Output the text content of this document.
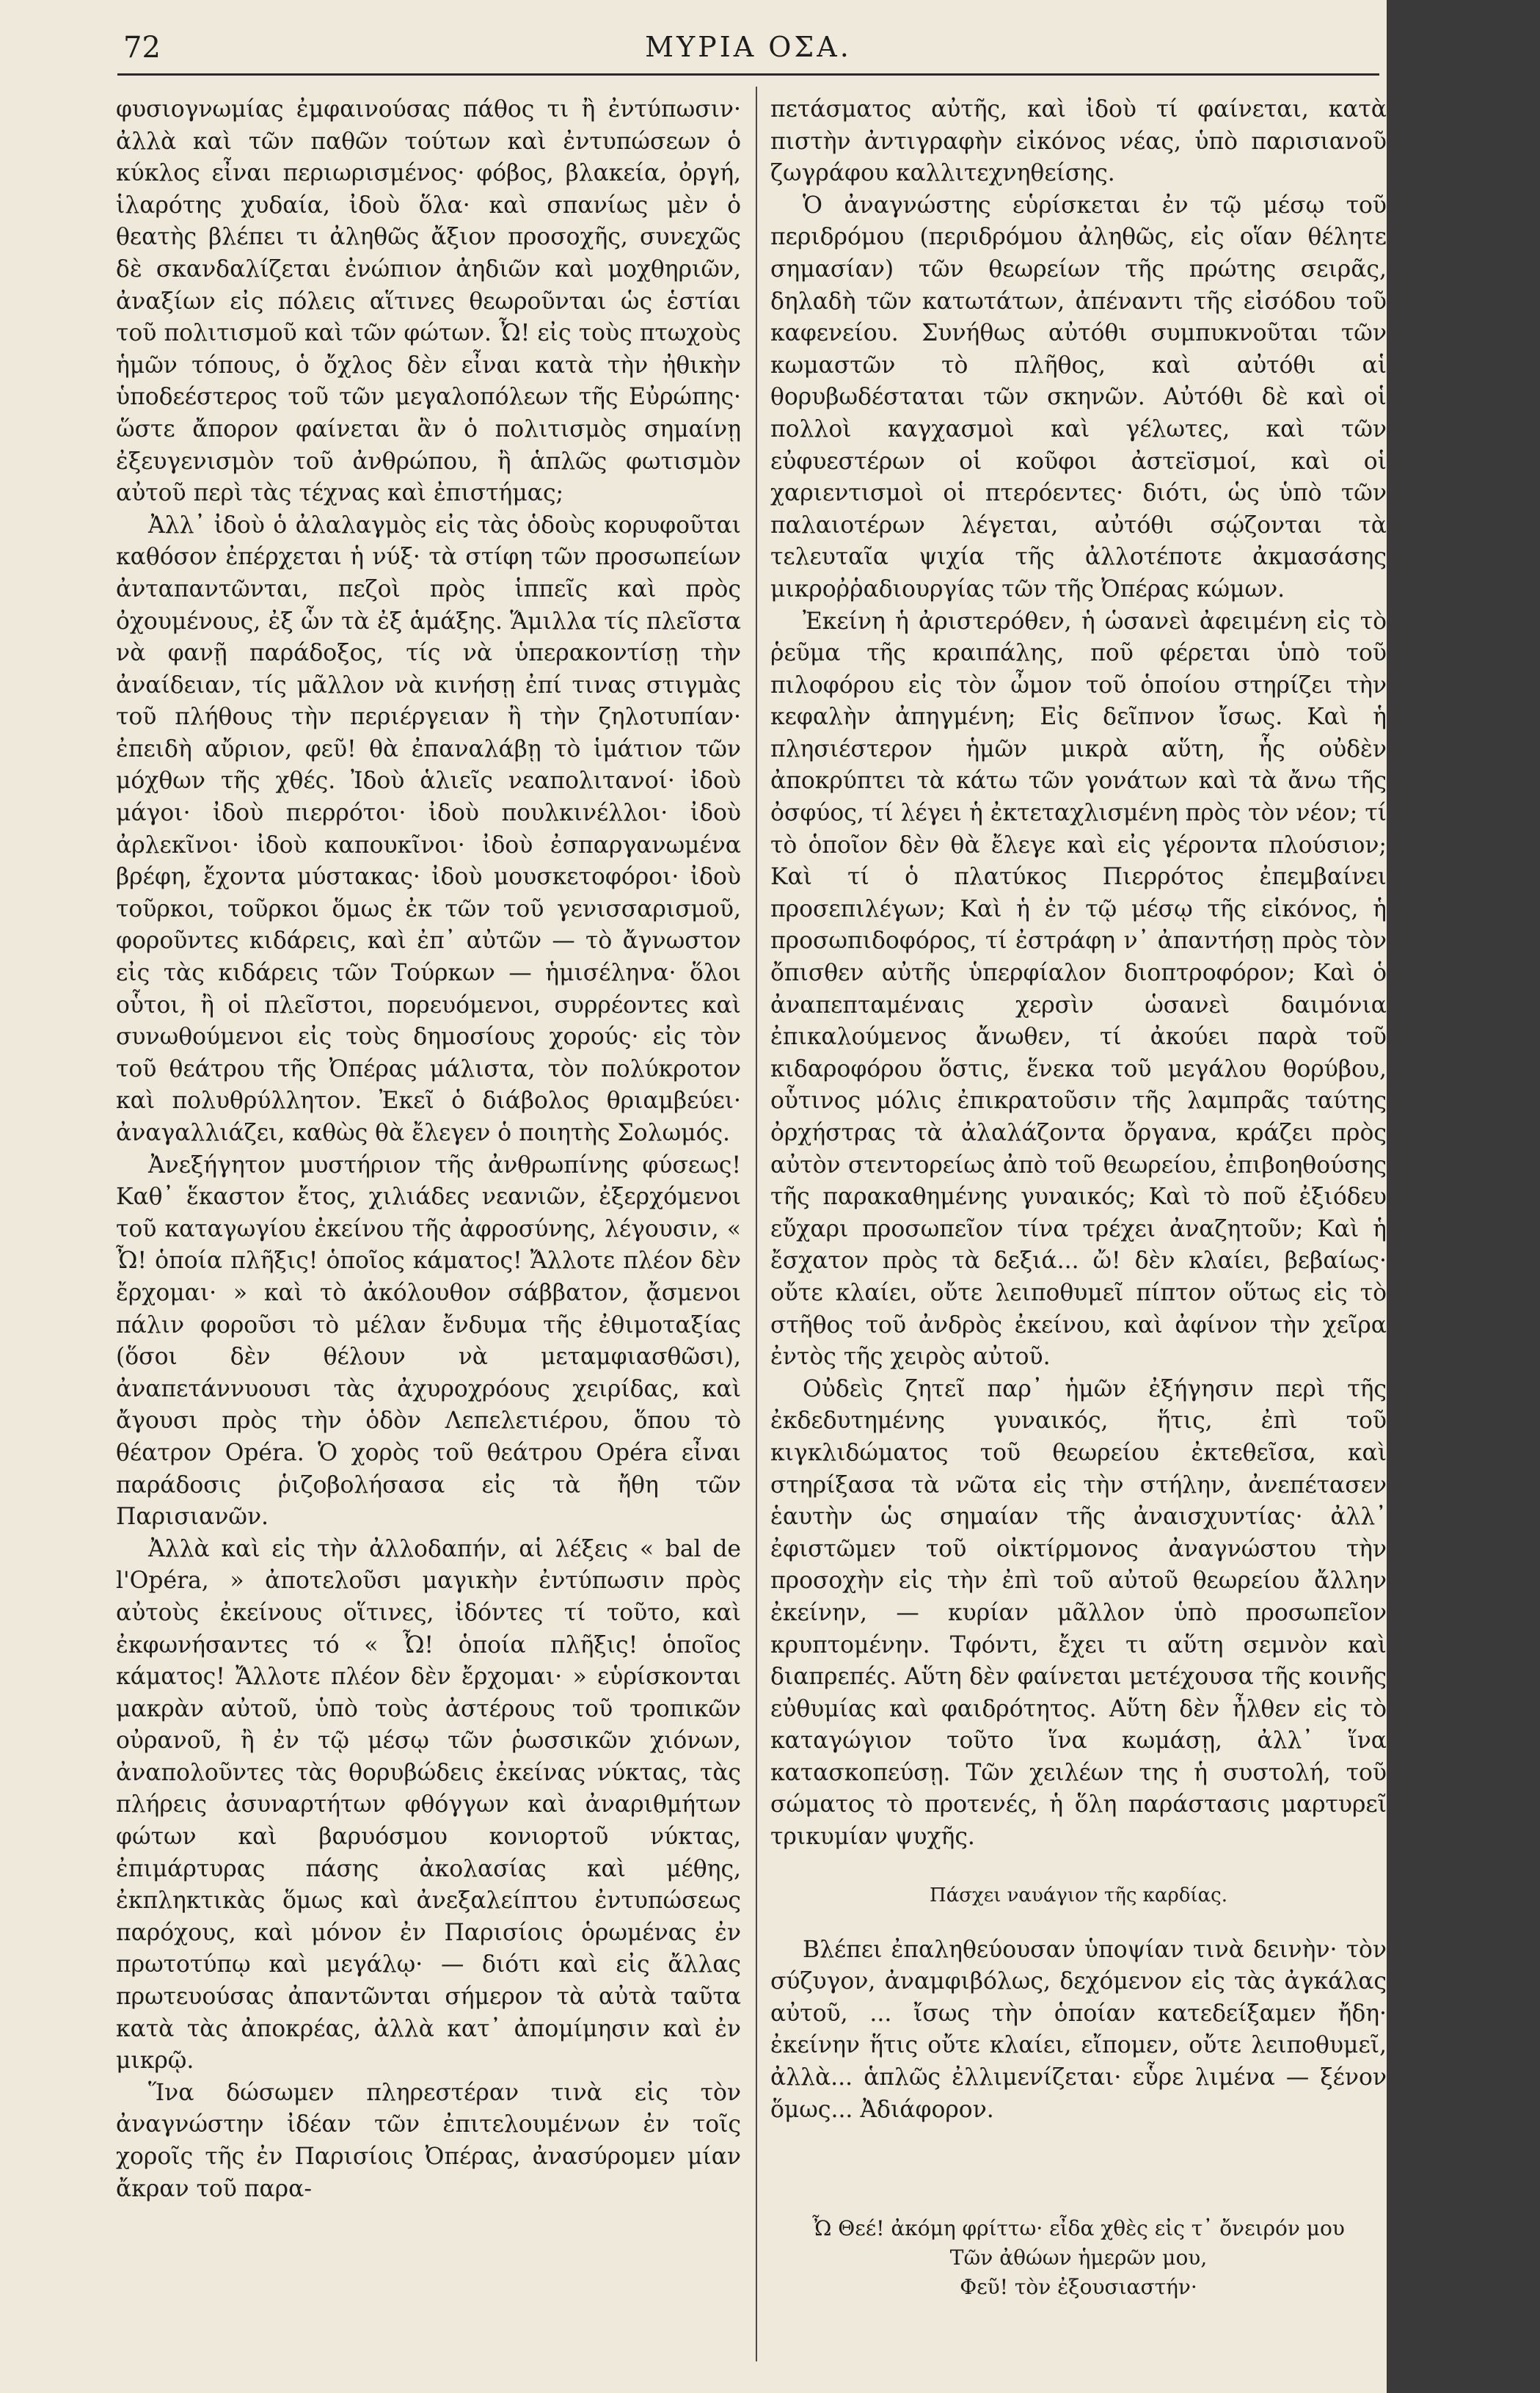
72	ΜΥΡΙΑ ΟΣΑ.

φυσιογνωμίας ἐμφαινούσας πάθος τι ἢ ἐντύπωσιν· ἀλλὰ καὶ τῶν παθῶν τούτων καὶ ἐντυπώσεων ὁ κύκλος εἶναι περιωρισμένος· φόβος, βλακεία, ὀργή, ἱλαρότης χυδαία, ἰδοὺ ὅλα· καὶ σπανίως μὲν ὁ θεατὴς βλέπει τι ἀληθῶς ἄξιον προσοχῆς, συνεχῶς δὲ σκανδαλίζεται ἐνώπιον ἀηδιῶν καὶ μοχθηριῶν, ἀναξίων εἰς πόλεις αἵτινες θεωροῦνται ὡς ἑστίαι τοῦ πολιτισμοῦ καὶ τῶν φώτων. Ὦ! εἰς τοὺς πτωχοὺς ἡμῶν τόπους, ὁ ὄχλος δὲν εἶναι κατὰ τὴν ἠθικὴν ὑποδεέστερος τοῦ τῶν μεγαλοπόλεων τῆς Εὐρώπης· ὥστε ἄπορον φαίνεται ἂν ὁ πολιτισμὸς σημαίνῃ ἐξευγενισμὸν τοῦ ἀνθρώπου, ἢ ἁπλῶς φωτισμὸν αὐτοῦ περὶ τὰς τέχνας καὶ ἐπιστήμας;

Ἀλλ᾽ ἰδοὺ ὁ ἀλαλαγμὸς εἰς τὰς ὁδοὺς κορυφοῦται καθόσον ἐπέρχεται ἡ νύξ· τὰ στίφη τῶν προσωπείων ἀνταπαντῶνται, πεζοὶ πρὸς ἱππεῖς καὶ πρὸς ὀχουμένους, ἐξ ὧν τὰ ἐξ ἁμάξης. Ἅμιλλα τίς πλεῖστα νὰ φανῇ παράδοξος, τίς νὰ ὑπερακοντίσῃ τὴν ἀναίδειαν, τίς μᾶλλον νὰ κινήσῃ ἐπί τινας στιγμὰς τοῦ πλήθους τὴν περιέργειαν ἢ τὴν ζηλοτυπίαν· ἐπειδὴ αὔριον, φεῦ! θὰ ἐπαναλάβῃ τὸ ἱμάτιον τῶν μόχθων τῆς χθές. Ἰδοὺ ἁλιεῖς νεαπολιτανοί· ἰδοὺ μάγοι· ἰδοὺ πιερρότοι· ἰδοὺ πουλκινέλλοι· ἰδοὺ ἀρλεκῖνοι· ἰδοὺ καπουκῖνοι· ἰδοὺ ἐσπαργανωμένα βρέφη, ἔχοντα μύστακας· ἰδοὺ μουσκετοφόροι· ἰδοὺ τοῦρκοι, τοῦρκοι ὅμως ἐκ τῶν τοῦ γενισσαρισμοῦ, φοροῦντες κιδάρεις, καὶ ἐπ᾽ αὐτῶν — τὸ ἄγνωστον εἰς τὰς κιδάρεις τῶν Τούρκων — ἡμισέληνα· ὅλοι οὗτοι, ἢ οἱ πλεῖστοι, πορευόμενοι, συρρέοντες καὶ συνωθούμενοι εἰς τοὺς δημοσίους χορούς· εἰς τὸν τοῦ θεάτρου τῆς Ὀπέρας μάλιστα, τὸν πολύκροτον καὶ πολυθρύλλητον. Ἐκεῖ ὁ διάβολος θριαμβεύει· ἀναγαλλιάζει, καθὼς θὰ ἔλεγεν ὁ ποιητὴς Σολωμός.

Ἀνεξήγητον μυστήριον τῆς ἀνθρωπίνης φύσεως! Καθ᾽ ἕκαστον ἔτος, χιλιάδες νεανιῶν, ἐξερχόμενοι τοῦ καταγωγίου ἐκείνου τῆς ἀφροσύνης, λέγουσιν, « Ὦ! ὁποία πλῆξις! ὁποῖος κάματος! Ἄλλοτε πλέον δὲν ἔρχομαι· » καὶ τὸ ἀκόλουθον σάββατον, ᾄσμενοι πάλιν φοροῦσι τὸ μέλαν ἔνδυμα τῆς ἐθιμοταξίας (ὅσοι δὲν θέλουν νὰ μεταμφιασθῶσι), ἀναπετάννυουσι τὰς ἀχυροχρόους χειρίδας, καὶ ἄγουσι πρὸς τὴν ὁδὸν Λεπελετιέρου, ὅπου τὸ θέατρον Opéra. Ὁ χορὸς τοῦ θεάτρου Opéra εἶναι παράδοσις ῥιζοβολήσασα εἰς τὰ ἤθη τῶν Παρισιανῶν.

Ἀλλὰ καὶ εἰς τὴν ἀλλοδαπήν, αἱ λέξεις « bal de l'Opéra, » ἀποτελοῦσι μαγικὴν ἐντύπωσιν πρὸς αὐτοὺς ἐκείνους οἵτινες, ἰδόντες τί τοῦτο, καὶ ἐκφωνήσαντες τό « Ὦ! ὁποία πλῆξις! ὁποῖος κάματος! Ἄλλοτε πλέον δὲν ἔρχομαι· » εὑρίσκονται μακρὰν αὐτοῦ, ὑπὸ τοὺς ἀστέρους τοῦ τροπικῶν οὐρανοῦ, ἢ ἐν τῷ μέσῳ τῶν ῥωσσικῶν χιόνων, ἀναπολοῦντες τὰς θορυβώδεις ἐκείνας νύκτας, τὰς πλήρεις ἀσυναρτήτων φθόγγων καὶ ἀναριθμήτων φώτων καὶ βαρυόσμου κονιορτοῦ νύκτας, ἐπιμάρτυρας πάσης ἀκολασίας καὶ μέθης, ἐκπληκτικὰς ὅμως καὶ ἀνεξαλείπτου ἐντυπώσεως παρόχους, καὶ μόνον ἐν Παρισίοις ὁρωμένας ἐν πρωτοτύπῳ καὶ μεγάλῳ· — διότι καὶ εἰς ἄλλας πρωτευούσας ἀπαντῶνται σήμερον τὰ αὐτὰ ταῦτα κατὰ τὰς ἀποκρέας, ἀλλὰ κατ᾽ ἀπομίμησιν καὶ ἐν μικρῷ.

Ἵνα δώσωμεν πληρεστέραν τινὰ εἰς τὸν ἀναγνώστην ἰδέαν τῶν ἐπιτελουμένων ἐν τοῖς χοροῖς τῆς ἐν Παρισίοις Ὀπέρας, ἀνασύρομεν μίαν ἄκραν τοῦ παρα-

πετάσματος αὐτῆς, καὶ ἰδοὺ τί φαίνεται, κατὰ πιστὴν ἀντιγραφὴν εἰκόνος νέας, ὑπὸ παρισιανοῦ ζωγράφου καλλιτεχνηθείσης.

Ὁ ἀναγνώστης εὑρίσκεται ἐν τῷ μέσῳ τοῦ περιδρόμου (περιδρόμου ἀληθῶς, εἰς οἵαν θέλητε σημασίαν) τῶν θεωρείων τῆς πρώτης σειρᾶς, δηλαδὴ τῶν κατωτάτων, ἀπέναντι τῆς εἰσόδου τοῦ καφενείου. Συνήθως αὐτόθι συμπυκνοῦται τῶν κωμαστῶν τὸ πλῆθος, καὶ αὐτόθι αἱ θορυβωδέσταται τῶν σκηνῶν. Αὐτόθι δὲ καὶ οἱ πολλοὶ καγχασμοὶ καὶ γέλωτες, καὶ τῶν εὐφυεστέρων οἱ κοῦφοι ἀστεϊσμοί, καὶ οἱ χαριεντισμοὶ οἱ πτερόεντες· διότι, ὡς ὑπὸ τῶν παλαιοτέρων λέγεται, αὐτόθι σῴζονται τὰ τελευταῖα ψιχία τῆς ἀλλοτέποτε ἀκμασάσης μικροῤῥαδιουργίας τῶν τῆς Ὀπέρας κώμων.

Ἐκείνη ἡ ἀριστερόθεν, ἡ ὡσανεὶ ἀφειμένη εἰς τὸ ῥεῦμα τῆς κραιπάλης, ποῦ φέρεται ὑπὸ τοῦ πιλοφόρου εἰς τὸν ὦμον τοῦ ὁποίου στηρίζει τὴν κεφαλὴν ἀπηγμένη; Εἰς δεῖπνον ἴσως. Καὶ ἡ πλησιέστερον ἡμῶν μικρὰ αὕτη, ἧς οὐδὲν ἀποκρύπτει τὰ κάτω τῶν γονάτων καὶ τὰ ἄνω τῆς ὀσφύος, τί λέγει ἡ ἐκτεταχλισμένη πρὸς τὸν νέον; τί τὸ ὁποῖον δὲν θὰ ἔλεγε καὶ εἰς γέροντα πλούσιον; Καὶ τί ὁ πλατύκος Πιερρότος ἐπεμβαίνει προσεπιλέγων; Καὶ ἡ ἐν τῷ μέσῳ τῆς εἰκόνος, ἡ προσωπιδοφόρος, τί ἐστράφη ν᾽ ἀπαντήσῃ πρὸς τὸν ὄπισθεν αὐτῆς ὑπερφίαλον διοπτροφόρον; Καὶ ὁ ἀναπεπταμέναις χερσὶν ὡσανεὶ δαιμόνια ἐπικαλούμενος ἄνωθεν, τί ἀκούει παρὰ τοῦ κιδαροφόρου ὅστις, ἕνεκα τοῦ μεγάλου θορύβου, οὗτινος μόλις ἐπικρατοῦσιν τῆς λαμπρᾶς ταύτης ὀρχήστρας τὰ ἀλαλάζοντα ὄργανα, κράζει πρὸς αὐτὸν στεντορείως ἀπὸ τοῦ θεωρείου, ἐπιβοηθούσης τῆς παρακαθημένης γυναικός; Καὶ τὸ ποῦ ἐξιόδευ εὔχαρι προσωπεῖον τίνα τρέχει ἀναζητοῦν; Καὶ ἡ ἔσχατον πρὸς τὰ δεξιά... ὤ! δὲν κλαίει, βεβαίως· οὔτε κλαίει, οὔτε λειποθυμεῖ πίπτον οὕτως εἰς τὸ στῆθος τοῦ ἀνδρὸς ἐκείνου, καὶ ἀφίνον τὴν χεῖρα ἐντὸς τῆς χειρὸς αὐτοῦ.

Οὐδεὶς ζητεῖ παρ᾽ ἡμῶν ἐξήγησιν περὶ τῆς ἐκδεδυτημένης γυναικός, ἥτις, ἐπὶ τοῦ κιγκλιδώματος τοῦ θεωρείου ἐκτεθεῖσα, καὶ στηρίξασα τὰ νῶτα εἰς τὴν στήλην, ἀνεπέτασεν ἑαυτὴν ὡς σημαίαν τῆς ἀναισχυντίας· ἀλλ᾽ ἐφιστῶμεν τοῦ οἰκτίρμονος ἀναγνώστου τὴν προσοχὴν εἰς τὴν ἐπὶ τοῦ αὐτοῦ θεωρείου ἄλλην ἐκείνην, — κυρίαν μᾶλλον ὑπὸ προσωπεῖον κρυπτομένην. Τφόντι, ἔχει τι αὕτη σεμνὸν καὶ διαπρεπές. Αὕτη δὲν φαίνεται μετέχουσα τῆς κοινῆς εὐθυμίας καὶ φαιδρότητος. Αὕτη δὲν ἦλθεν εἰς τὸ καταγώγιον τοῦτο ἵνα κωμάσῃ, ἀλλ᾽ ἵνα κατασκοπεύσῃ. Τῶν χειλέων της ἡ συστολή, τοῦ σώματος τὸ προτενές, ἡ ὅλη παράστασις μαρτυρεῖ τρικυμίαν ψυχῆς.

Πάσχει ναυάγιον τῆς καρδίας.

Βλέπει ἐπαληθεύουσαν ὑποψίαν τινὰ δεινὴν· τὸν σύζυγον, ἀναμφιβόλως, δεχόμενον εἰς τὰς ἀγκάλας αὐτοῦ, ... ἴσως τὴν ὁποίαν κατεδείξαμεν ἤδη· ἐκείνην ἥτις οὔτε κλαίει, εἴπομεν, οὔτε λειποθυμεῖ, ἀλλὰ... ἁπλῶς ἐλλιμενίζεται· εὗρε λιμένα — ξένον ὅμως... Ἀδιάφορον.

Ὦ Θεέ! ἀκόμη φρίττω· εἶδα χθὲς εἰς τ᾽ ὄνειρόν μου
Τῶν ἀθώων ἡμερῶν μου,
Φεῦ! τὸν ἐξουσιαστήν·
